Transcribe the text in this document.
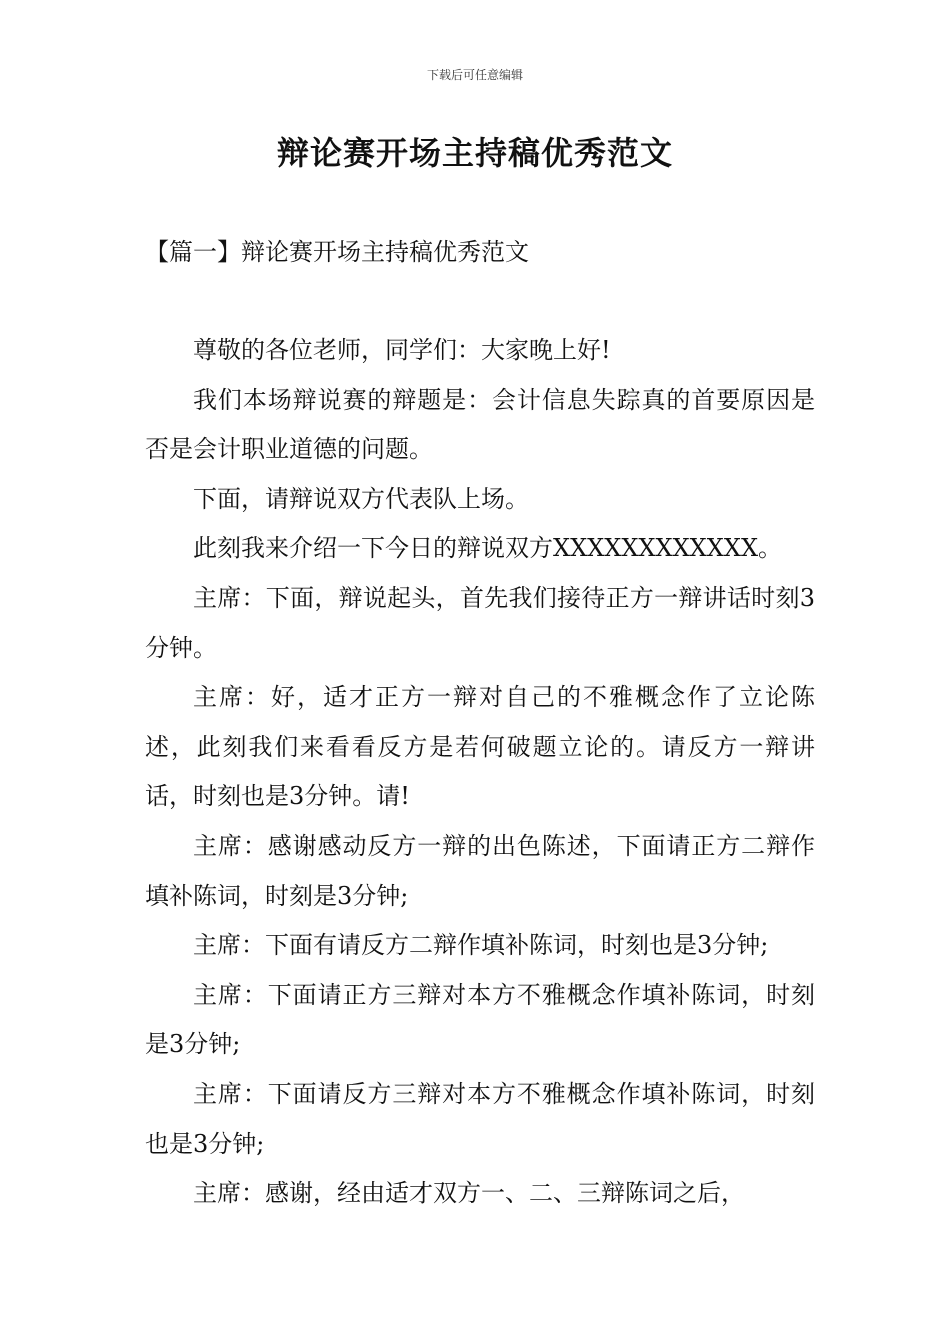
下载后可任意编辑
辩论赛开场主持稿优秀范文
【篇一】辩论赛开场主持稿优秀范文

尊敬的各位老师，同学们：大家晚上好!

我们本场辩说赛的辩题是：会计信息失踪真的首要原因是否是会计职业道德的问题。

下面，请辩说双方代表队上场。

此刻我来介绍一下今日的辩说双方XXXXXXXXXXXX。

主席：下面，辩说起头，首先我们接待正方一辩讲话时刻3分钟。

主席：好，适才正方一辩对自己的不雅概念作了立论陈述，此刻我们来看看反方是若何破题立论的。请反方一辩讲话，时刻也是3分钟。请!

主席：感谢感动反方一辩的出色陈述，下面请正方二辩作填补陈词，时刻是3分钟;

主席：下面有请反方二辩作填补陈词，时刻也是3分钟;

主席：下面请正方三辩对本方不雅概念作填补陈词，时刻是3分钟;

主席：下面请反方三辩对本方不雅概念作填补陈词，时刻也是3分钟;

主席：感谢，经由适才双方一、二、三辩陈词之后，
